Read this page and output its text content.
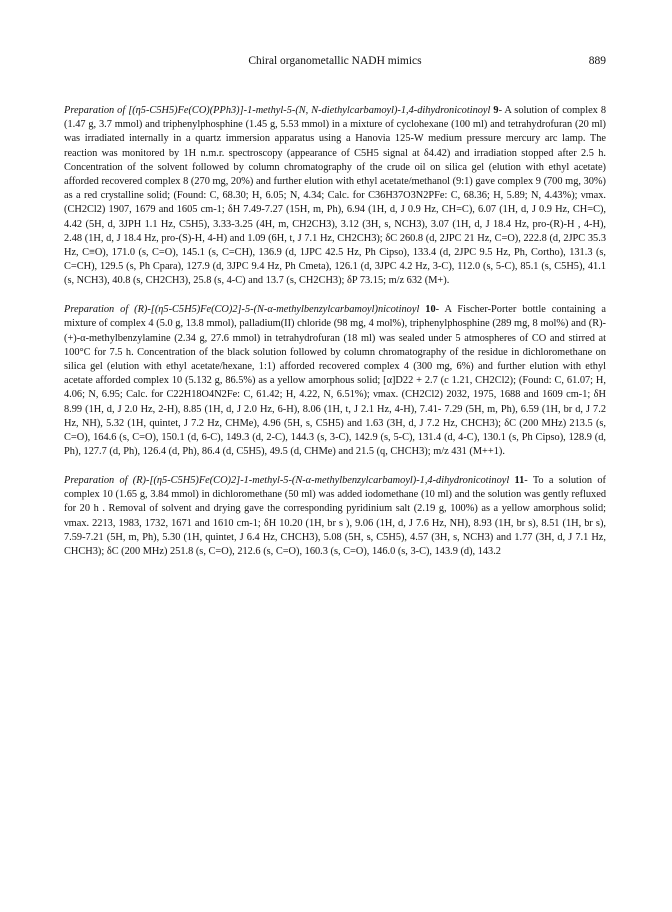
Chiral organometallic NADH mimics	889

Preparation of [(η5-C5H5)Fe(CO)(PPh3)]-1-methyl-5-(N, N-diethylcarbamoyl)-1,4-dihydronicotinoyl 9- A solution of complex 8 (1.47 g, 3.7 mmol) and triphenylphosphine (1.45 g, 5.53 mmol) in a mixture of cyclohexane (100 ml) and tetrahydrofuran (20 ml) was irradiated internally in a quartz immersion apparatus using a Hanovia 125-W medium pressure mercury arc lamp. The reaction was monitored by 1H n.m.r. spectroscopy (appearance of C5H5 signal at δ4.42) and irradiation stopped after 2.5 h. Concentration of the solvent followed by column chromatography of the crude oil on silica gel (elution with ethyl acetate) afforded recovered complex 8 (270 mg, 20%) and further elution with ethyl acetate/methanol (9:1) gave complex 9 (700 mg, 30%) as a red crystalline solid; (Found: C, 68.30; H, 6.05; N, 4.34; Calc. for C36H37O3N2PFe: C, 68.36; H, 5.89; N, 4.43%); νmax. (CH2Cl2) 1907, 1679 and 1605 cm-1; δH 7.49-7.27 (15H, m, Ph), 6.94 (1H, d, J 0.9 Hz, CH=C), 6.07 (1H, d, J 0.9 Hz, CH=C), 4.42 (5H, d, 3JPH 1.1 Hz, C5H5), 3.33-3.25 (4H, m, CH2CH3), 3.12 (3H, s, NCH3), 3.07 (1H, d, J 18.4 Hz, pro-(R)-H , 4-H), 2.48 (1H, d, J 18.4 Hz, pro-(S)-H, 4-H) and 1.09 (6H, t, J 7.1 Hz, CH2CH3); δC 260.8 (d, 2JPC 21 Hz, C=O), 222.8 (d, 2JPC 35.3 Hz, C≡O), 171.0 (s, C=O), 145.1 (s, C=CH), 136.9 (d, 1JPC 42.5 Hz, Ph Cipso), 133.4 (d, 2JPC 9.5 Hz, Ph, Cortho), 131.3 (s, C=CH), 129.5 (s, Ph Cpara), 127.9 (d, 3JPC 9.4 Hz, Ph Cmeta), 126.1 (d, 3JPC 4.2 Hz, 3-C), 112.0 (s, 5-C), 85.1 (s, C5H5), 41.1 (s, NCH3), 40.8 (s, CH2CH3), 25.8 (s, 4-C) and 13.7 (s, CH2CH3); δP 73.15; m/z 632 (M+).

Preparation of (R)-[(η5-C5H5)Fe(CO)2]-5-(N-α-methylbenzylcarbamoyl)nicotinoyl 10- A Fischer-Porter bottle containing a mixture of complex 4 (5.0 g, 13.8 mmol), palladium(II) chloride (98 mg, 4 mol%), triphenylphosphine (289 mg, 8 mol%) and (R)-(+)-α-methylbenzylamine (2.34 g, 27.6 mmol) in tetrahydrofuran (18 ml) was sealed under 5 atmospheres of CO and stirred at 100°C for 7.5 h. Concentration of the black solution followed by column chromatography of the residue in dichloromethane on silica gel (elution with ethyl acetate/hexane, 1:1) afforded recovered complex 4 (300 mg, 6%) and further elution with ethyl acetate afforded complex 10 (5.132 g, 86.5%) as a yellow amorphous solid; [α]D22 + 2.7 (c 1.21, CH2Cl2); (Found: C, 61.07; H, 4.06; N, 6.95; Calc. for C22H18O4N2Fe: C, 61.42; H, 4.22, N, 6.51%); νmax. (CH2Cl2) 2032, 1975, 1688 and 1609 cm-1; δH 8.99 (1H, d, J 2.0 Hz, 2-H), 8.85 (1H, d, J 2.0 Hz, 6-H), 8.06 (1H, t, J 2.1 Hz, 4-H), 7.41- 7.29 (5H, m, Ph), 6.59 (1H, br d, J 7.2 Hz, NH), 5.32 (1H, quintet, J 7.2 Hz, CHMe), 4.96 (5H, s, C5H5) and 1.63 (3H, d, J 7.2 Hz, CHCH3); δC (200 MHz) 213.5 (s, C=O), 164.6 (s, C=O), 150.1 (d, 6-C), 149.3 (d, 2-C), 144.3 (s, 3-C), 142.9 (s, 5-C), 131.4 (d, 4-C), 130.1 (s, Ph Cipso), 128.9 (d, Ph), 127.7 (d, Ph), 126.4 (d, Ph), 86.4 (d, C5H5), 49.5 (d, CHMe) and 21.5 (q, CHCH3); m/z 431 (M++1).

Preparation of (R)-[(η5-C5H5)Fe(CO)2]-1-methyl-5-(N-α-methylbenzylcarbamoyl)-1,4-dihydronicotinoyl 11- To a solution of complex 10 (1.65 g, 3.84 mmol) in dichloromethane (50 ml) was added iodomethane (10 ml) and the solution was gently refluxed for 20 h . Removal of solvent and drying gave the corresponding pyridinium salt (2.19 g, 100%) as a yellow amorphous solid; νmax. 2213, 1983, 1732, 1671 and 1610 cm-1; δH 10.20 (1H, br s ), 9.06 (1H, d, J 7.6 Hz, NH), 8.93 (1H, br s), 8.51 (1H, br s), 7.59-7.21 (5H, m, Ph), 5.30 (1H, quintet, J 6.4 Hz, CHCH3), 5.08 (5H, s, C5H5), 4.57 (3H, s, NCH3) and 1.77 (3H, d, J 7.1 Hz, CHCH3); δC (200 MHz) 251.8 (s, C=O), 212.6 (s, C=O), 160.3 (s, C=O), 146.0 (s, 3-C), 143.9 (d), 143.2
